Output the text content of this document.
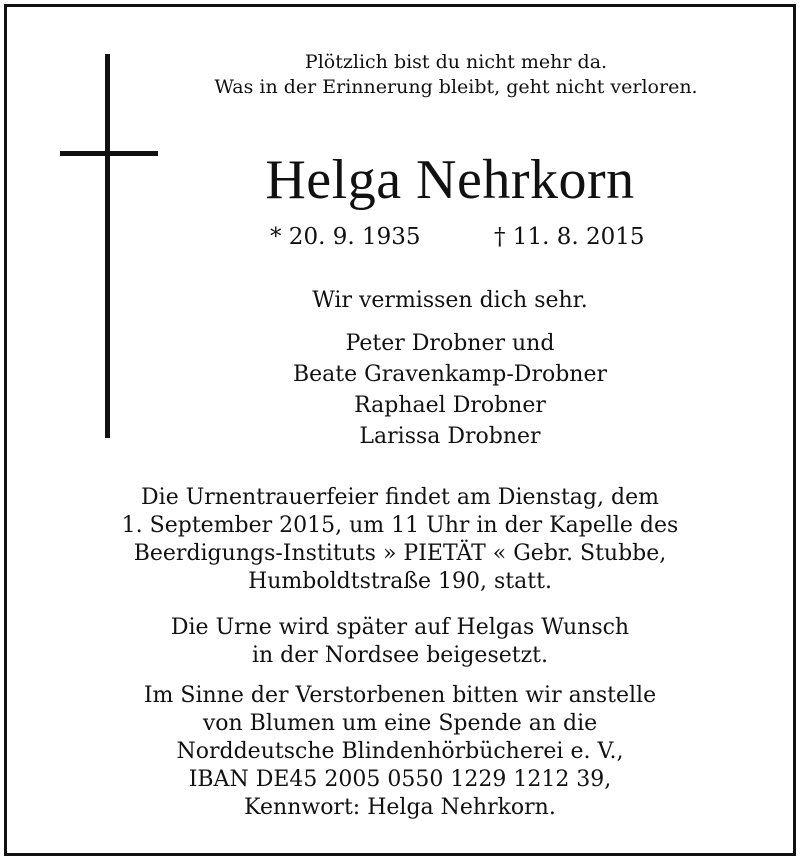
Plötzlich bist du nicht mehr da.
Was in der Erinnerung bleibt, geht nicht verloren.
Helga Nehrkorn
* 20. 9. 1935	† 11. 8. 2015
Wir vermissen dich sehr.
Peter Drobner und
Beate Gravenkamp-Drobner
Raphael Drobner
Larissa Drobner
Die Urnentrauerfeier findet am Dienstag, dem
1. September 2015, um 11 Uhr in der Kapelle des
Beerdigungs-Instituts » PIETÄT « Gebr. Stubbe,
Humboldtstraße 190, statt.
Die Urne wird später auf Helgas Wunsch
in der Nordsee beigesetzt.
Im Sinne der Verstorbenen bitten wir anstelle
von Blumen um eine Spende an die
Norddeutsche Blindenhörbücherei e. V.,
IBAN DE45 2005 0550 1229 1212 39,
Kennwort: Helga Nehrkorn.
